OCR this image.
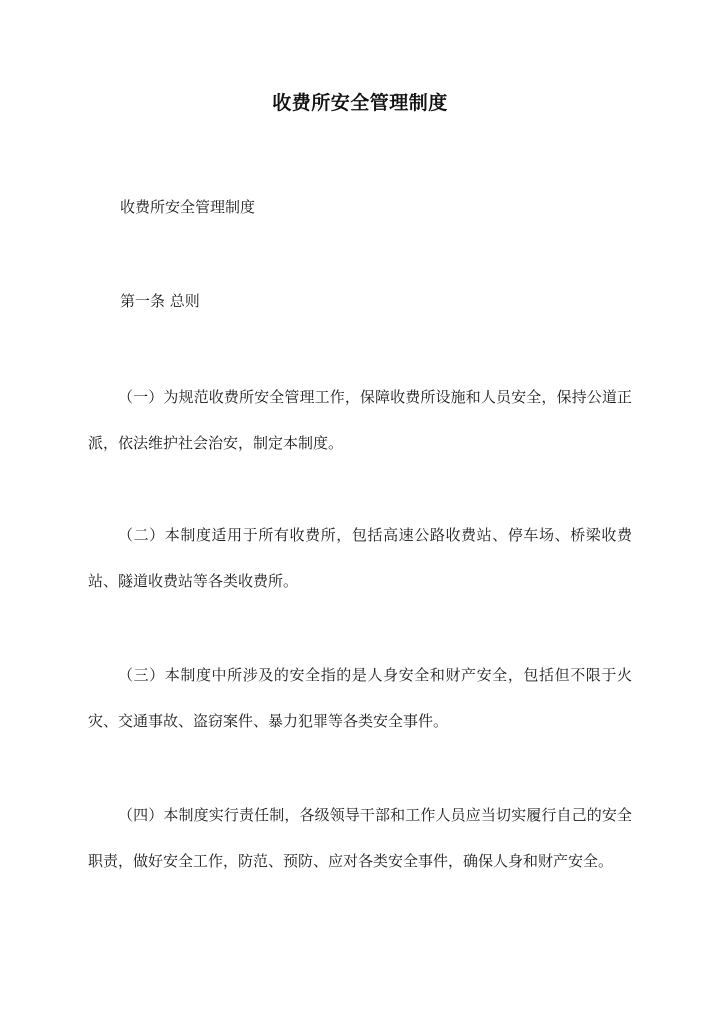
收费所安全管理制度

收费所安全管理制度

第一条 总则

（一）为规范收费所安全管理工作，保障收费所设施和人员安全，保持公道正派，依法维护社会治安，制定本制度。

（二）本制度适用于所有收费所，包括高速公路收费站、停车场、桥梁收费站、隧道收费站等各类收费所。

（三）本制度中所涉及的安全指的是人身安全和财产安全，包括但不限于火灾、交通事故、盗窃案件、暴力犯罪等各类安全事件。

（四）本制度实行责任制，各级领导干部和工作人员应当切实履行自己的安全职责，做好安全工作，防范、预防、应对各类安全事件，确保人身和财产安全。
